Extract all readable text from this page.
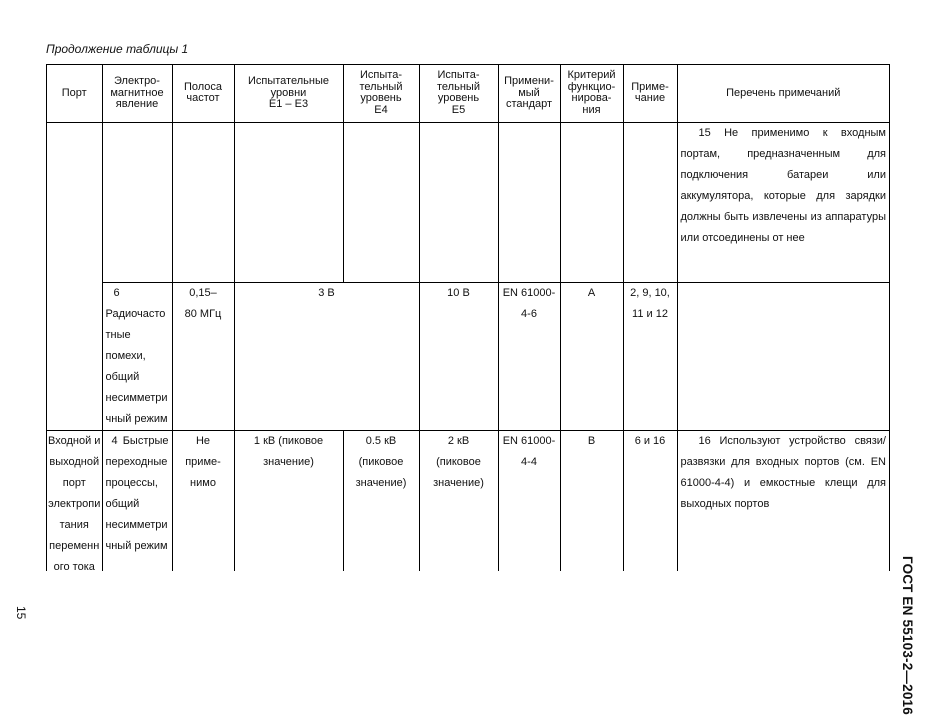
Продолжение таблицы 1
Порт	Электро-
магнитное
явление	Полоса
частот	Испытательные
уровни
Е1 – Е3	Испыта-
тельный
уровень
Е4	Испыта-
тельный
уровень
Е5	Примени-
мый
стандарт	Критерий
функцио-
нирова-
ния	Приме-
чание	Перечень примечаний
									15 Не применимо к входным портам, предназначенным для подключения батареи или аккумулятора, которые для зарядки должны быть извлечены из аппаратуры или отсоединены от нее
	6 Радиочастотные помехи, общий несимметричный режим	0,15–
80 МГц	3 В		10 В	EN 61000-
4-6	A	2, 9, 10,
11 и 12	
Входной и выходной порт электропитания переменного тока	4 Быстрые переходные процессы, общий несимметричный режим	Не
приме-
нимо	1 кВ (пиковое
значение)	0.5 кВ
(пиковое
значение)	2 кВ
(пиковое
значение)	EN 61000-
4-4	B	6 и 16	16 Используют устройство связи/развязки для входных портов (см. EN 61000-4-4) и емкостные клещи для выходных портов
ГОСТ EN 55103-2—2016
15
